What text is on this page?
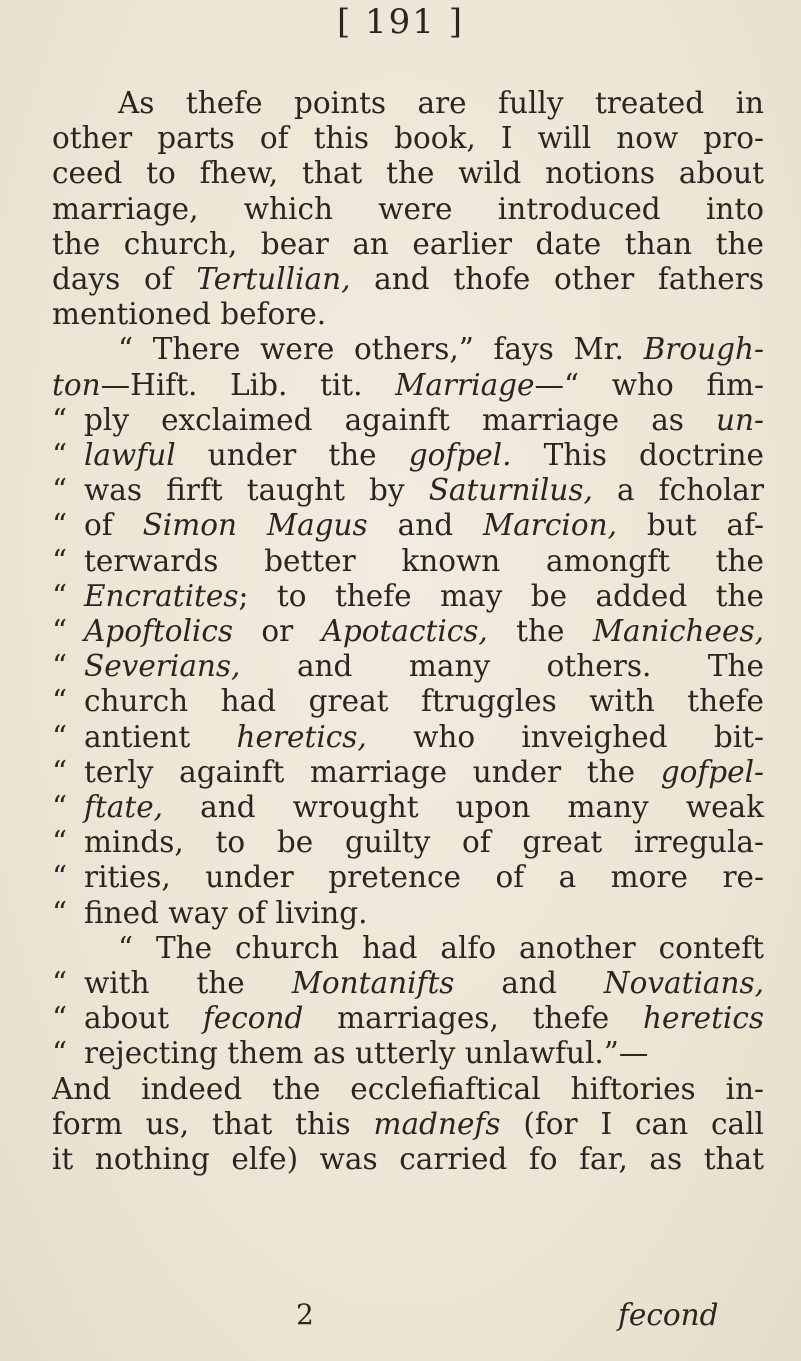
[ 191 ]
As thefe points are fully treated in
other parts of this book, I will now pro-
ceed to fhew, that the wild notions about
marriage, which were introduced into
the church, bear an earlier date than the
days of Tertullian, and thofe other fathers
mentioned before.
“ There were others,” fays Mr. Brough-
ton—Hift. Lib. tit. Marriage—“ who fim-
“ ply exclaimed againft marriage as un-
“ lawful under the gofpel. This doctrine
“ was firft taught by Saturnilus, a fcholar
“ of Simon Magus and Marcion, but af-
“ terwards better known amongft the
“ Encratites; to thefe may be added the
“ Apoftolics or Apotactics, the Manichees,
“ Severians, and many others. The
“ church had great ftruggles with thefe
“ antient heretics, who inveighed bit-
“ terly againft marriage under the gofpel-
“ ftate, and wrought upon many weak
“ minds, to be guilty of great irregula-
“ rities, under pretence of a more re-
“ fined way of living.
“ The church had alfo another conteft
“ with the Montanifts and Novatians,
“ about fecond marriages, thefe heretics
“ rejecting them as utterly unlawful.”—
And indeed the ecclefiaftical hiftories in-
form us, that this madnefs (for I can call
it nothing elfe) was carried fo far, as that
2	fecond
